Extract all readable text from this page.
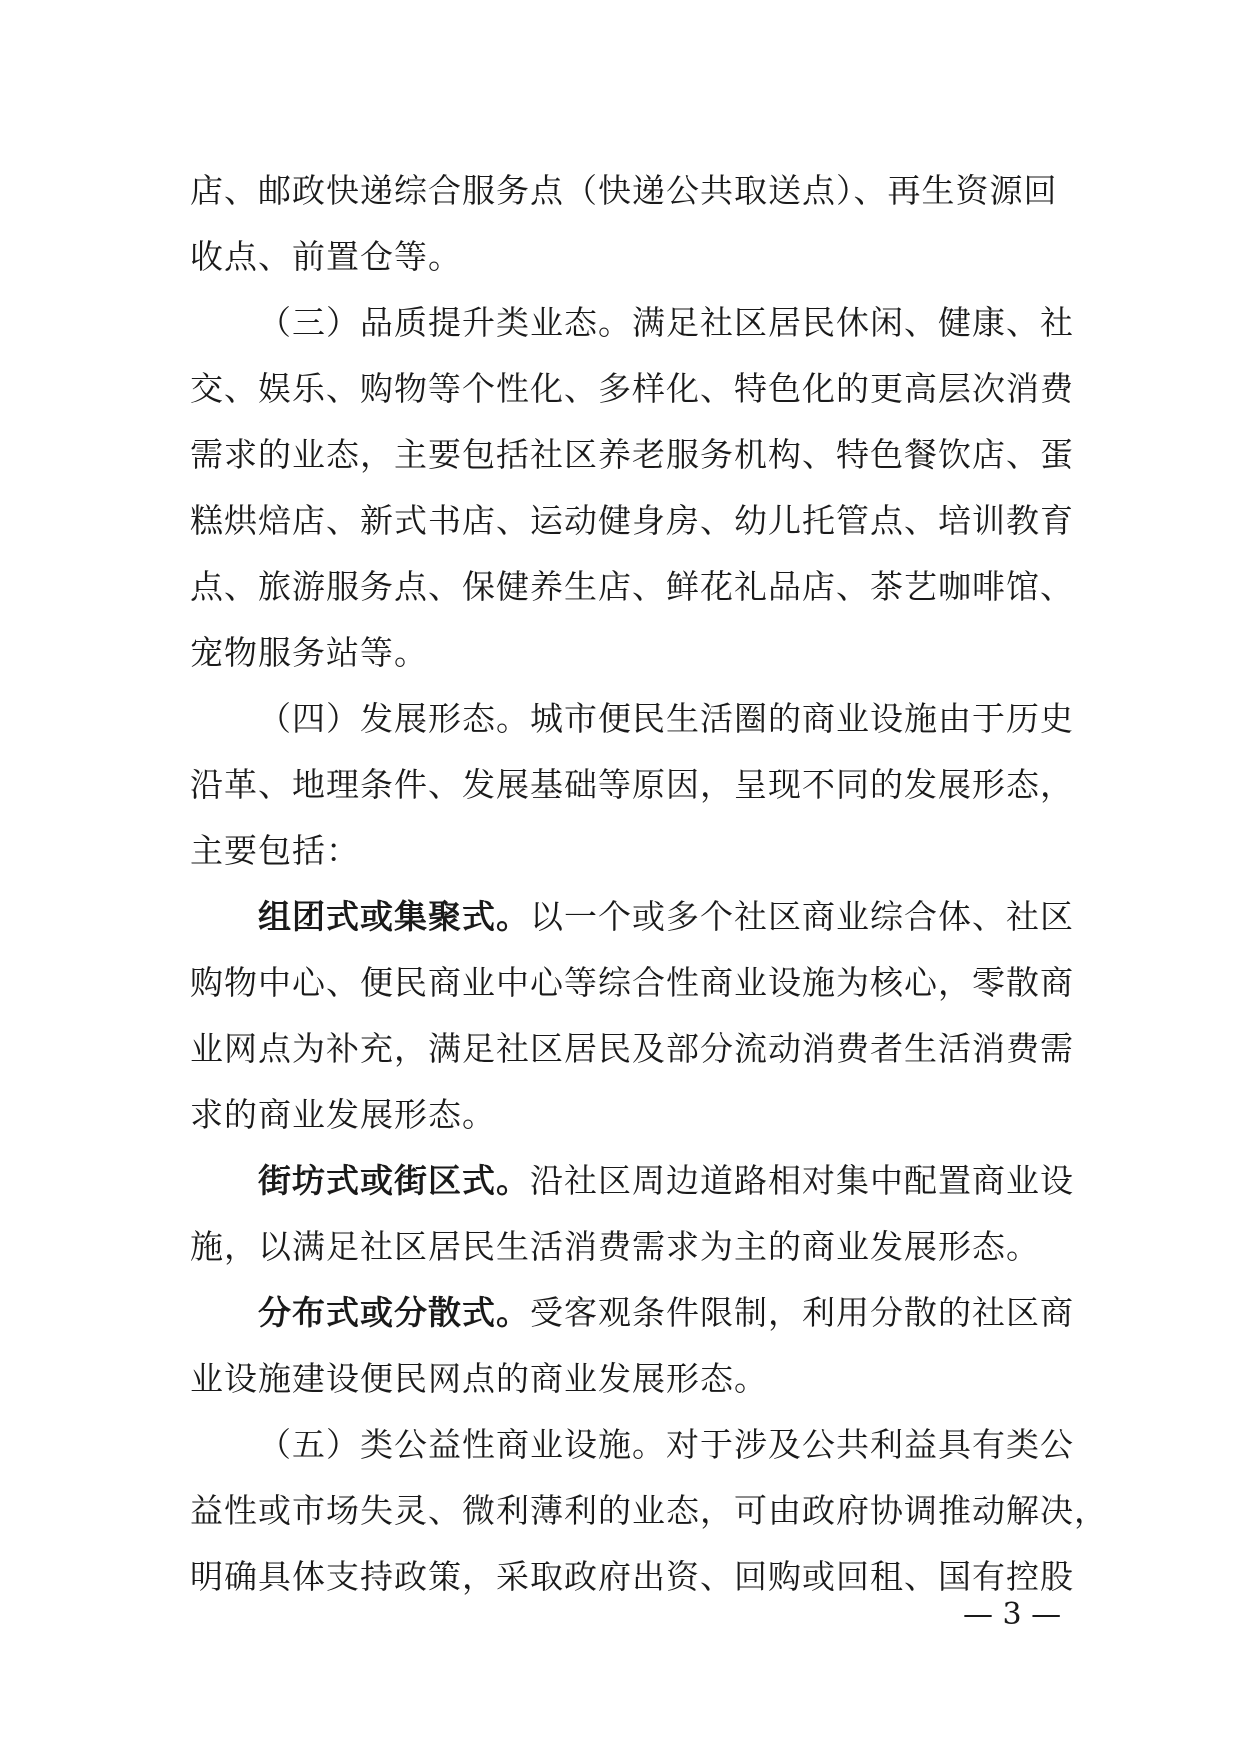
店、邮政快递综合服务点（快递公共取送点）、再生资源回
收点、前置仓等。
（三）品质提升类业态。满足社区居民休闲、健康、社
交、娱乐、购物等个性化、多样化、特色化的更高层次消费
需求的业态，主要包括社区养老服务机构、特色餐饮店、蛋
糕烘焙店、新式书店、运动健身房、幼儿托管点、培训教育
点、旅游服务点、保健养生店、鲜花礼品店、茶艺咖啡馆、
宠物服务站等。
（四）发展形态。城市便民生活圈的商业设施由于历史
沿革、地理条件、发展基础等原因，呈现不同的发展形态，
主要包括：
组团式或集聚式。以一个或多个社区商业综合体、社区
购物中心、便民商业中心等综合性商业设施为核心，零散商
业网点为补充，满足社区居民及部分流动消费者生活消费需
求的商业发展形态。
街坊式或街区式。沿社区周边道路相对集中配置商业设
施，以满足社区居民生活消费需求为主的商业发展形态。
分布式或分散式。受客观条件限制，利用分散的社区商
业设施建设便民网点的商业发展形态。
（五）类公益性商业设施。对于涉及公共利益具有类公
益性或市场失灵、微利薄利的业态，可由政府协调推动解决，
明确具体支持政策，采取政府出资、回购或回租、国有控股
— 3 —
